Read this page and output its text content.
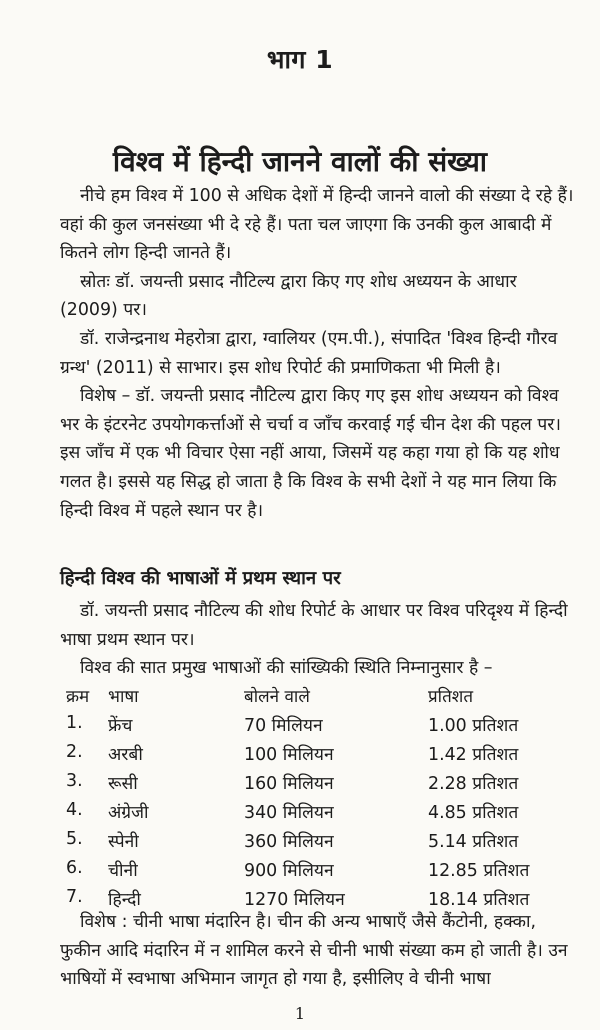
भाग 1
विश्व में हिन्दी जानने वालों की संख्या

नीचे हम विश्व में 100 से अधिक देशों में हिन्दी जानने वालो की संख्या दे रहे हैं। वहां की कुल जनसंख्या भी दे रहे हैं। पता चल जाएगा कि उनकी कुल आबादी में कितने लोग हिन्दी जानते हैं।

स्रोतः डॉ. जयन्ती प्रसाद नौटिल्य द्वारा किए गए शोध अध्ययन के आधार (2009) पर।

डॉ. राजेन्द्रनाथ मेहरोत्रा द्वारा, ग्वालियर (एम.पी.), संपादित 'विश्व हिन्दी गौरव ग्रन्थ' (2011) से साभार। इस शोध रिपोर्ट की प्रमाणिकता भी मिली है।

विशेष – डॉ. जयन्ती प्रसाद नौटिल्य द्वारा किए गए इस शोध अध्ययन को विश्व भर के इंटरनेट उपयोगकर्त्ताओं से चर्चा व जाँच करवाई गई चीन देश की पहल पर। इस जाँच में एक भी विचार ऐसा नहीं आया, जिसमें यह कहा गया हो कि यह शोध गलत है। इससे यह सिद्ध हो जाता है कि विश्व के सभी देशों ने यह मान लिया कि हिन्दी विश्व में पहले स्थान पर है।

हिन्दी विश्व की भाषाओं में प्रथम स्थान पर

डॉ. जयन्ती प्रसाद नौटिल्य की शोध रिपोर्ट के आधार पर विश्व परिदृश्य में हिन्दी भाषा प्रथम स्थान पर।

विश्व की सात प्रमुख भाषाओं की सांख्यिकी स्थिति निम्नानुसार है –

क्रम भाषा	बोलने वाले	प्रतिशत
1. फ्रेंच	70 मिलियन	1.00 प्रतिशत
2. अरबी	100 मिलियन	1.42 प्रतिशत
3. रूसी	160 मिलियन	2.28 प्रतिशत
4. अंग्रेजी	340 मिलियन	4.85 प्रतिशत
5. स्पेनी	360 मिलियन	5.14 प्रतिशत
6. चीनी	900 मिलियन	12.85 प्रतिशत
7. हिन्दी	1270 मिलियन	18.14 प्रतिशत

विशेष : चीनी भाषा मंदारिन है। चीन की अन्य भाषाएँ जैसे कैंटोनी, हक्का, फुकीन आदि मंदारिन में न शामिल करने से चीनी भाषी संख्या कम हो जाती है। उन भाषियों में स्वभाषा अभिमान जागृत हो गया है, इसीलिए वे चीनी भाषा

1
